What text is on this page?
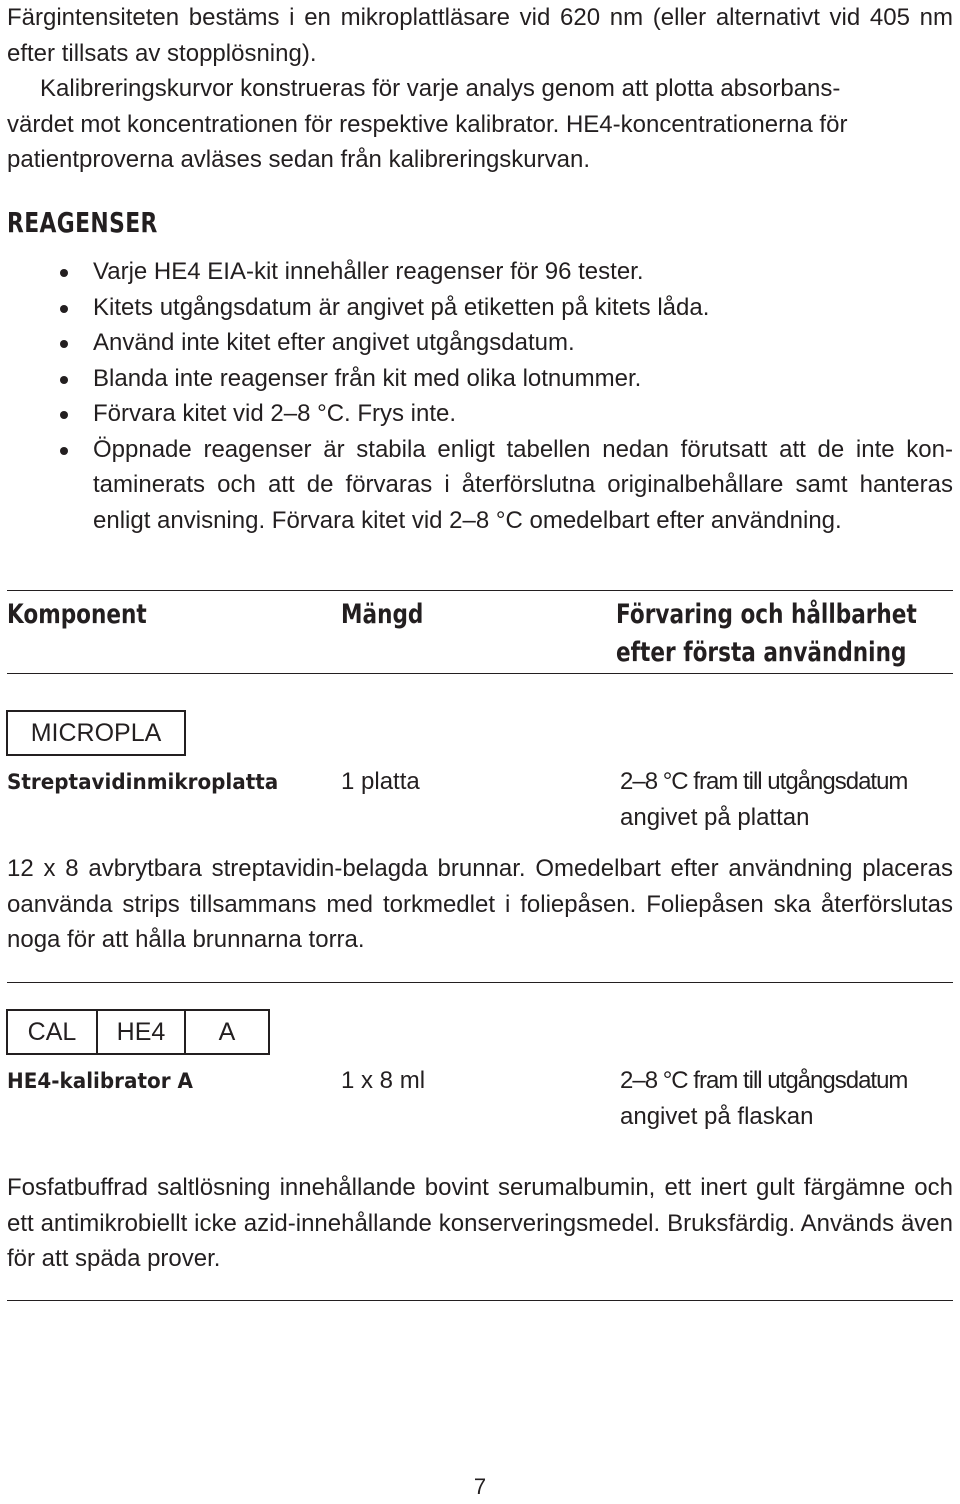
Färgintensiteten bestäms i en mikroplattläsare vid 620 nm (eller alternativt vid 405 nm efter tillsats av stopplösning).

Kalibreringskurvor konstrueras för varje analys genom att plotta absorbans-

värdet mot koncentrationen för respektive kalibrator. HE4-koncentrationerna för patientproverna avläses sedan från kalibreringskurvan.

REAGENSER
Varje HE4 EIA-kit innehåller reagenser för 96 tester.
Kitets utgångsdatum är angivet på etiketten på kitets låda.
Använd inte kitet efter angivet utgångsdatum.
Blanda inte reagenser från kit med olika lotnummer.
Förvara kitet vid 2–8 °C. Frys inte.
Öppnade reagenser är stabila enligt tabellen nedan förutsatt att de inte kon- taminerats och att de förvaras i återförslutna originalbehållare samt hanteras enligt anvisning. Förvara kitet vid 2–8 °C omedelbart efter användning.
Komponent	Mängd	Förvaring och hållbarhet
efter första användning
MICROPLA
Streptavidinmikroplatta	1 platta	2–8 °C fram till utgångsdatum
angivet på plattan

12 x 8 avbrytbara streptavidin-belagda brunnar. Omedelbart efter användning placeras oanvända strips tillsammans med torkmedlet i foliepåsen. Foliepåsen ska återförslutas noga för att hålla brunnarna torra.

CAL	HE4	A
HE4-kalibrator A	1 x 8 ml	2–8 °C fram till utgångsdatum
angivet på flaskan

Fosfatbuffrad saltlösning innehållande bovint serumalbumin, ett inert gult färgämne och ett antimikrobiellt icke azid-innehållande konserveringsmedel. Bruksfärdig. Används även för att späda prover.

7
